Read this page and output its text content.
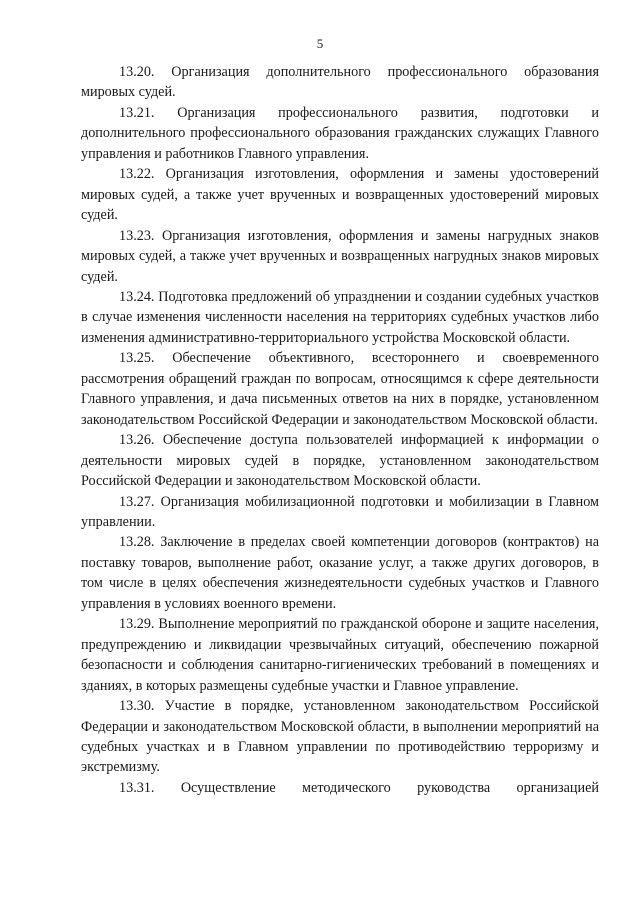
5

13.20. Организация дополнительного профессионального образования мировых судей.

13.21. Организация профессионального развития, подготовки и дополнительного профессионального образования гражданских служащих Главного управления и работников Главного управления.

13.22. Организация изготовления, оформления и замены удостоверений мировых судей, а также учет врученных и возвращенных удостоверений мировых судей.

13.23. Организация изготовления, оформления и замены нагрудных знаков мировых судей, а также учет врученных и возвращенных нагрудных знаков мировых судей.

13.24. Подготовка предложений об упразднении и создании судебных участков в случае изменения численности населения на территориях судебных участков либо изменения административно-территориального устройства Московской области.

13.25. Обеспечение объективного, всестороннего и своевременного рассмотрения обращений граждан по вопросам, относящимся к сфере деятельности Главного управления, и дача письменных ответов на них в порядке, установленном законодательством Российской Федерации и законодательством Московской области.

13.26. Обеспечение доступа пользователей информацией к информации о деятельности мировых судей в порядке, установленном законодательством Российской Федерации и законодательством Московской области.

13.27. Организация мобилизационной подготовки и мобилизации в Главном управлении.

13.28. Заключение в пределах своей компетенции договоров (контрактов) на поставку товаров, выполнение работ, оказание услуг, а также других договоров, в том числе в целях обеспечения жизнедеятельности судебных участков и Главного управления в условиях военного времени.

13.29. Выполнение мероприятий по гражданской обороне и защите населения, предупреждению и ликвидации чрезвычайных ситуаций, обеспечению пожарной безопасности и соблюдения санитарно-гигиенических требований в помещениях и зданиях, в которых размещены судебные участки и Главное управление.

13.30. Участие в порядке, установленном законодательством Российской Федерации и законодательством Московской области, в выполнении мероприятий на судебных участках и в Главном управлении по противодействию терроризму и экстремизму.

13.31. Осуществление методического руководства организацией
